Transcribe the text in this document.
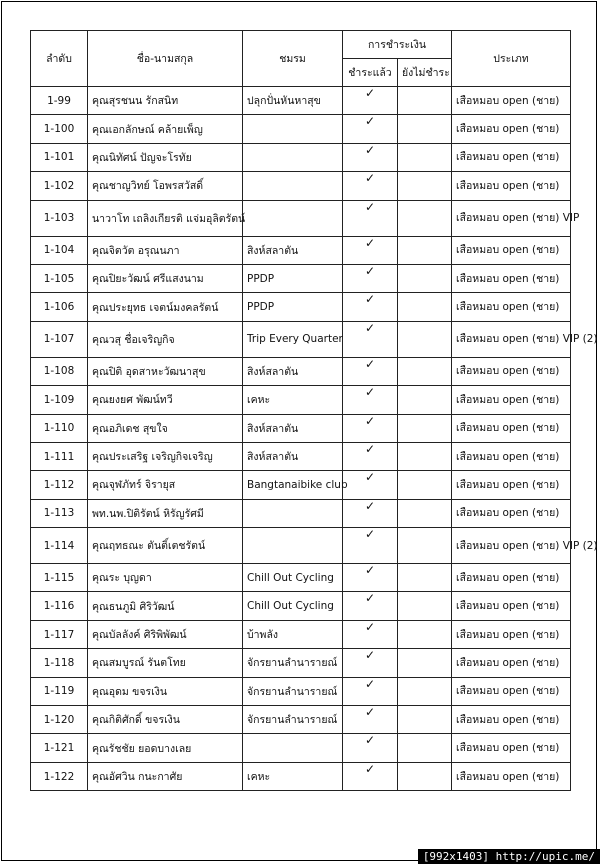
ลำดับ	ชื่อ-นามสกุล	ชมรม	การชำระเงิน		ประเภท
			ชำระแล้ว	ยังไม่ชำระ	
1-99	คุณสุรชนน รักสนิท	ปลุกปั่นหันหาสุข	✓		เสือหมอบ open (ชาย)
1-100	คุณเอกลักษณ์ คล้ายเพ็ญ		✓		เสือหมอบ open (ชาย)
1-101	คุณนิทัศน์ ปัญจะโรทัย		✓		เสือหมอบ open (ชาย)
1-102	คุณชาญวิทย์ โอพรสวัสดิ์		✓		เสือหมอบ open (ชาย)
1-103	นาวาโท เถลิงเกียรติ แจ่มอุลิตรัตน์		✓		เสือหมอบ open (ชาย) VIP
1-104	คุณจิตวัต อรุณนภา	สิงห์สลาตัน	✓		เสือหมอบ open (ชาย)
1-105	คุณปิยะวัฒน์ ศรีแสงนาม	PPDP	✓		เสือหมอบ open (ชาย)
1-106	คุณประยุทธ เจตน์มงคลรัตน์	PPDP	✓		เสือหมอบ open (ชาย)
1-107	คุณวสุ ชื่อเจริญกิจ	Trip Every Quarter	✓		เสือหมอบ open (ชาย) VIP (2)
1-108	คุณปิติ อุดสาหะวัฒนาสุข	สิงห์สลาตัน	✓		เสือหมอบ open (ชาย)
1-109	คุณยงยศ พัฒน์ทวี	เคหะ	✓		เสือหมอบ open (ชาย)
1-110	คุณอภิเดช สุขใจ	สิงห์สลาตัน	✓		เสือหมอบ open (ชาย)
1-111	คุณประเสริฐ เจริญกิจเจริญ	สิงห์สลาตัน	✓		เสือหมอบ open (ชาย)
1-112	คุณจุฬภัทร์ จิรายุส	Bangtanaibike club	✓		เสือหมอบ open (ชาย)
1-113	พท.นพ.ปิติรัตน์ หิรัญรัศมี		✓		เสือหมอบ open (ชาย)
1-114	คุณฤทธณะ ตันติ์เตชรัตน์		✓		เสือหมอบ open (ชาย) VIP (2)
1-115	คุณระ บุญดา	Chill Out Cycling	✓		เสือหมอบ open (ชาย)
1-116	คุณธนภูมิ ศิริวัฒน์	Chill Out Cycling	✓		เสือหมอบ open (ชาย)
1-117	คุณบัลลังค์ ศิริพิพัฒน์	บ้าพลัง	✓		เสือหมอบ open (ชาย)
1-118	คุณสมบูรณ์ รันตโทย	จักรยานลำนารายณ์	✓		เสือหมอบ open (ชาย)
1-119	คุณอุดม ขจรเงิน	จักรยานลำนารายณ์	✓		เสือหมอบ open (ชาย)
1-120	คุณกิติศักดิ์ ขจรเงิน	จักรยานลำนารายณ์	✓		เสือหมอบ open (ชาย)
1-121	คุณรัชชัย ยอดบางเลย		✓		เสือหมอบ open (ชาย)
1-122	คุณอัศวิน กนะกาศัย	เคหะ	✓		เสือหมอบ open (ชาย)
[992x1403] http://upic.me/
